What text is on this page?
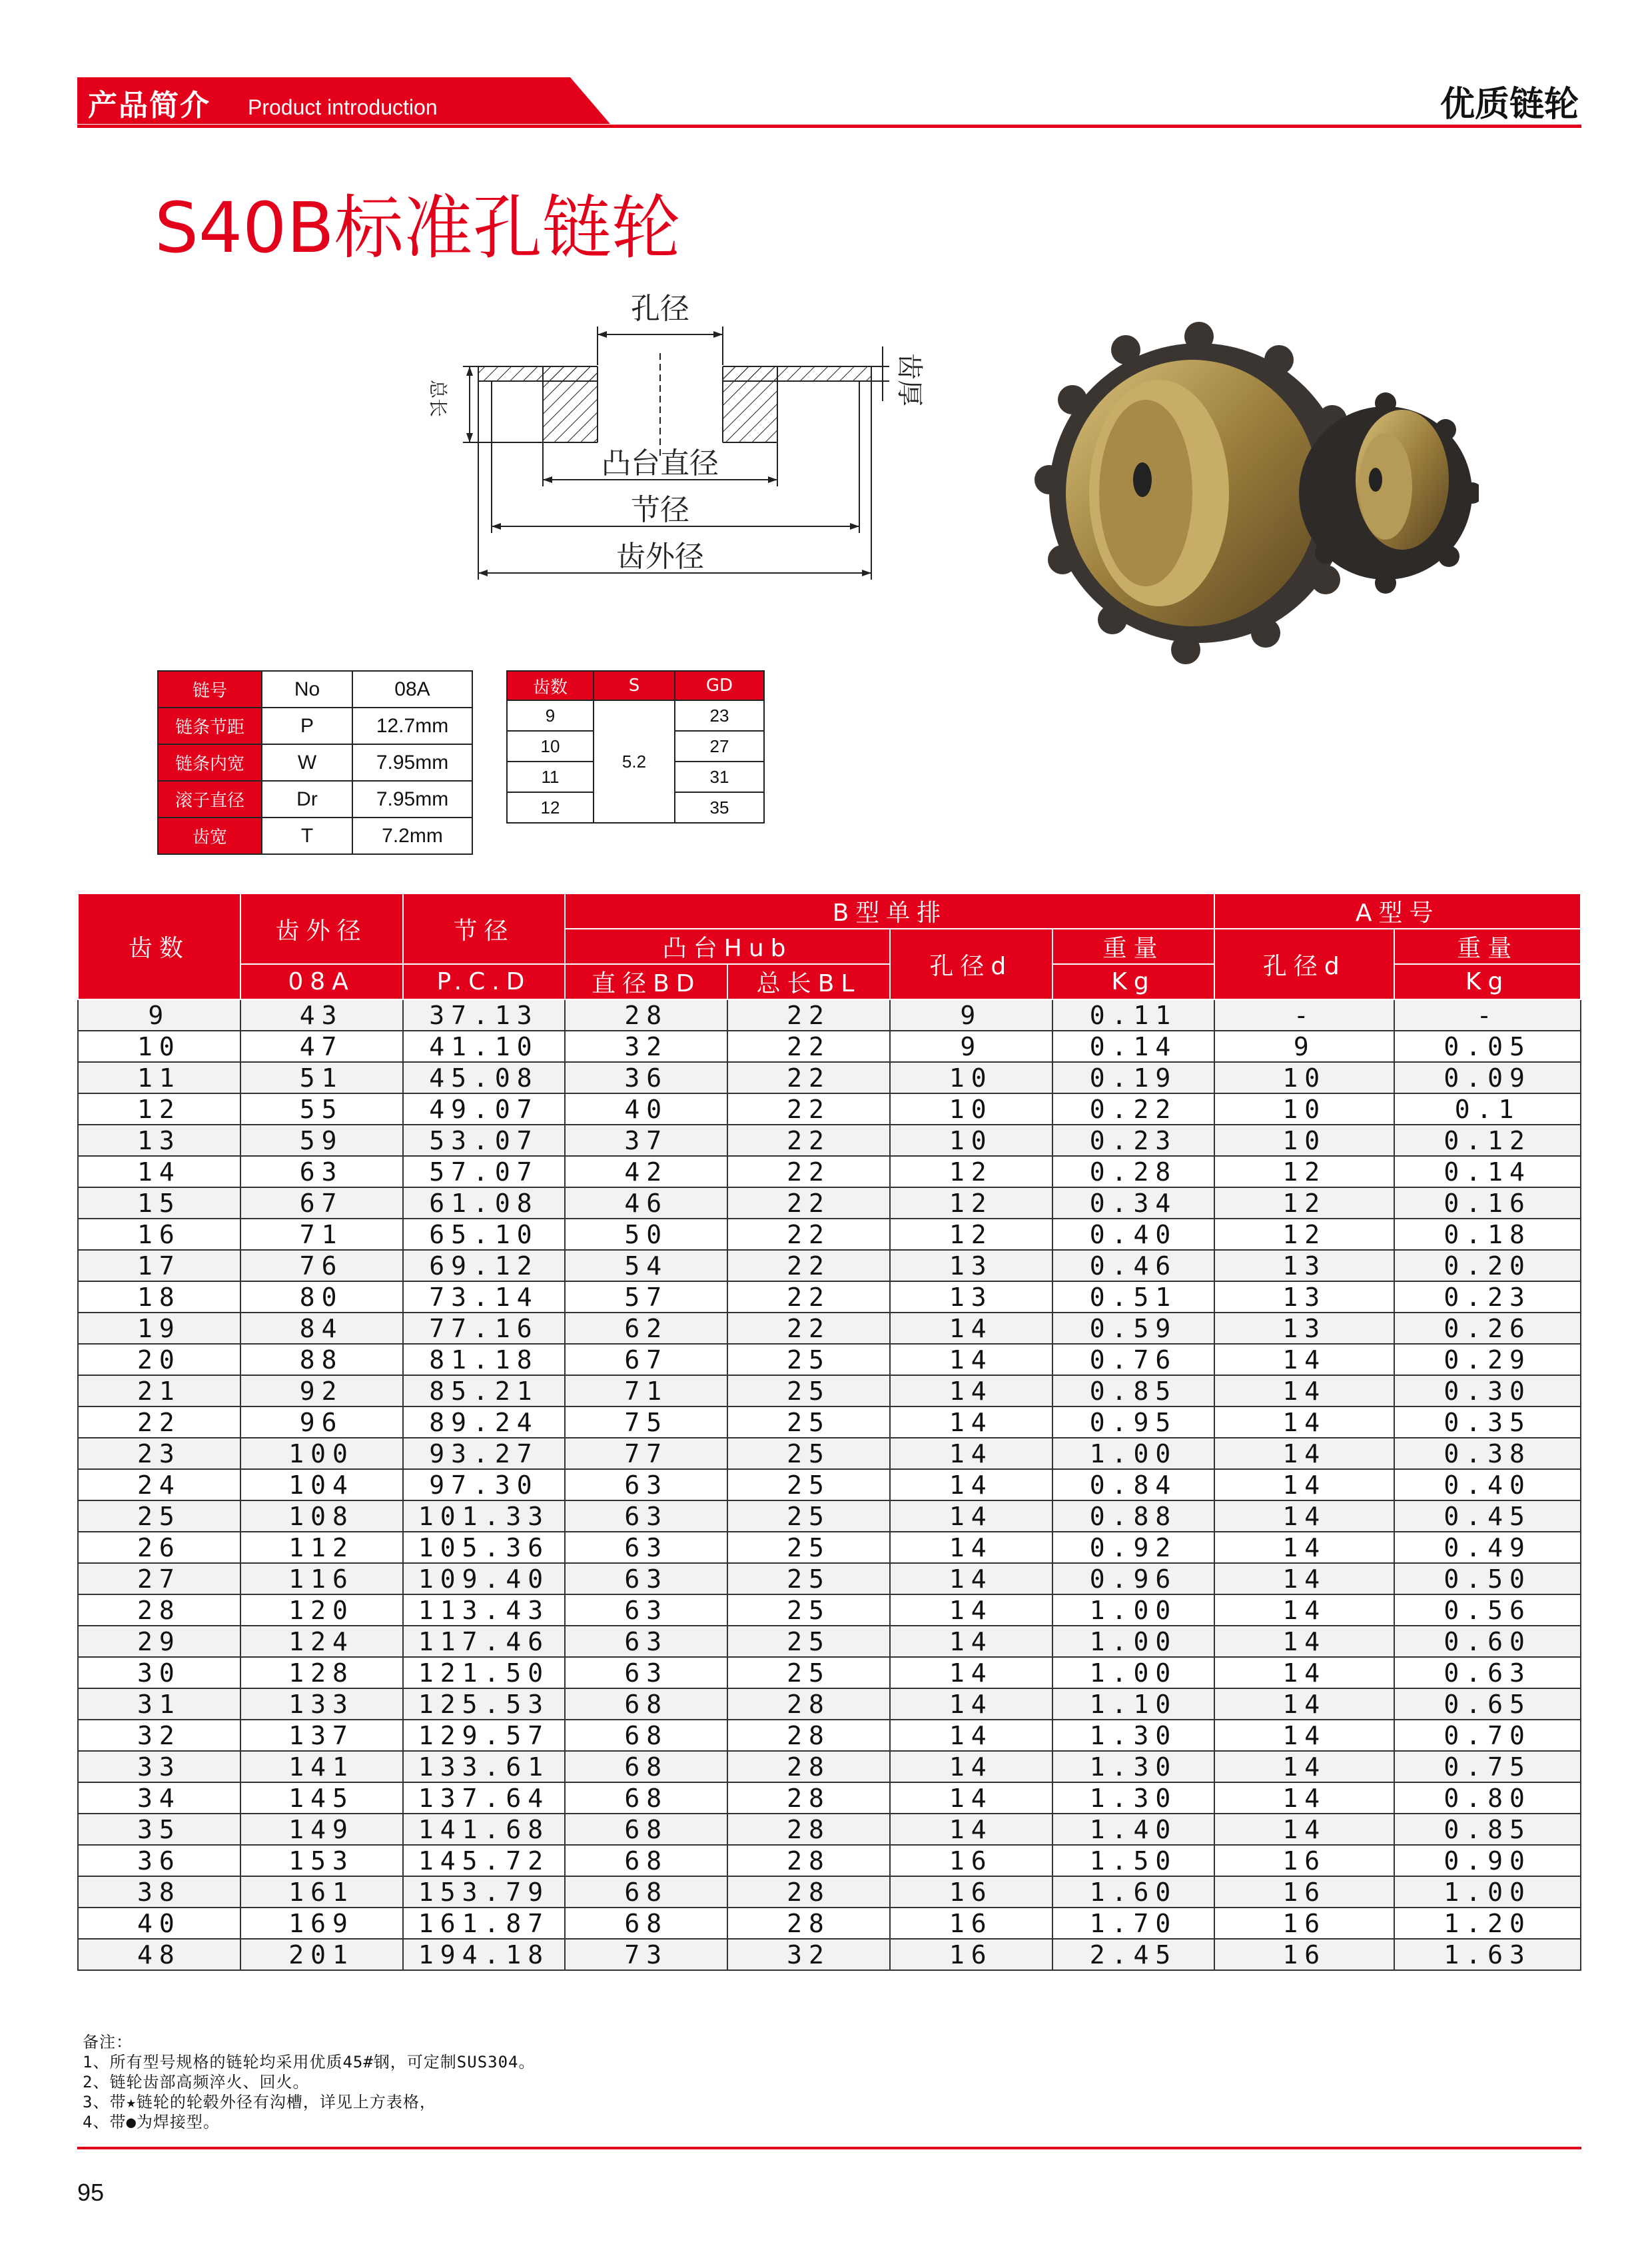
产品简介 Product introduction	优质链轮
S40B标准孔链轮
孔径
齿厚
总长
凸台直径
节径
齿外径
链号	No	08A
链条节距	P	12.7mm
链条内宽	W	7.95mm
滚子直径	Dr	7.95mm
齿宽	T	7.2mm
齿数	S	GD
9	5.2	23
10		27
11		31
12		35
齿数	齿外径	节径	B型单排				A型号	
			凸台Hub		孔径d	重量	孔径d	重量
	08A	P.C.D	直径BD	总长BL		Kg		Kg
9	43	37.13	28	22	9	0.11	-	-
10	47	41.10	32	22	9	0.14	9	0.05
11	51	45.08	36	22	10	0.19	10	0.09
12	55	49.07	40	22	10	0.22	10	0.1
13	59	53.07	37	22	10	0.23	10	0.12
14	63	57.07	42	22	12	0.28	12	0.14
15	67	61.08	46	22	12	0.34	12	0.16
16	71	65.10	50	22	12	0.40	12	0.18
17	76	69.12	54	22	13	0.46	13	0.20
18	80	73.14	57	22	13	0.51	13	0.23
19	84	77.16	62	22	14	0.59	13	0.26
20	88	81.18	67	25	14	0.76	14	0.29
21	92	85.21	71	25	14	0.85	14	0.30
22	96	89.24	75	25	14	0.95	14	0.35
23	100	93.27	77	25	14	1.00	14	0.38
24	104	97.30	63	25	14	0.84	14	0.40
25	108	101.33	63	25	14	0.88	14	0.45
26	112	105.36	63	25	14	0.92	14	0.49
27	116	109.40	63	25	14	0.96	14	0.50
28	120	113.43	63	25	14	1.00	14	0.56
29	124	117.46	63	25	14	1.00	14	0.60
30	128	121.50	63	25	14	1.00	14	0.63
31	133	125.53	68	28	14	1.10	14	0.65
32	137	129.57	68	28	14	1.30	14	0.70
33	141	133.61	68	28	14	1.30	14	0.75
34	145	137.64	68	28	14	1.30	14	0.80
35	149	141.68	68	28	14	1.40	14	0.85
36	153	145.72	68	28	16	1.50	16	0.90
38	161	153.79	68	28	16	1.60	16	1.00
40	169	161.87	68	28	16	1.70	16	1.20
48	201	194.18	73	32	16	2.45	16	1.63
备注：
1、所有型号规格的链轮均采用优质45#钢，可定制SUS304。
2、链轮齿部高频淬火、回火。
3、带★链轮的轮毂外径有沟槽，详见上方表格，
4、带●为焊接型。
95
